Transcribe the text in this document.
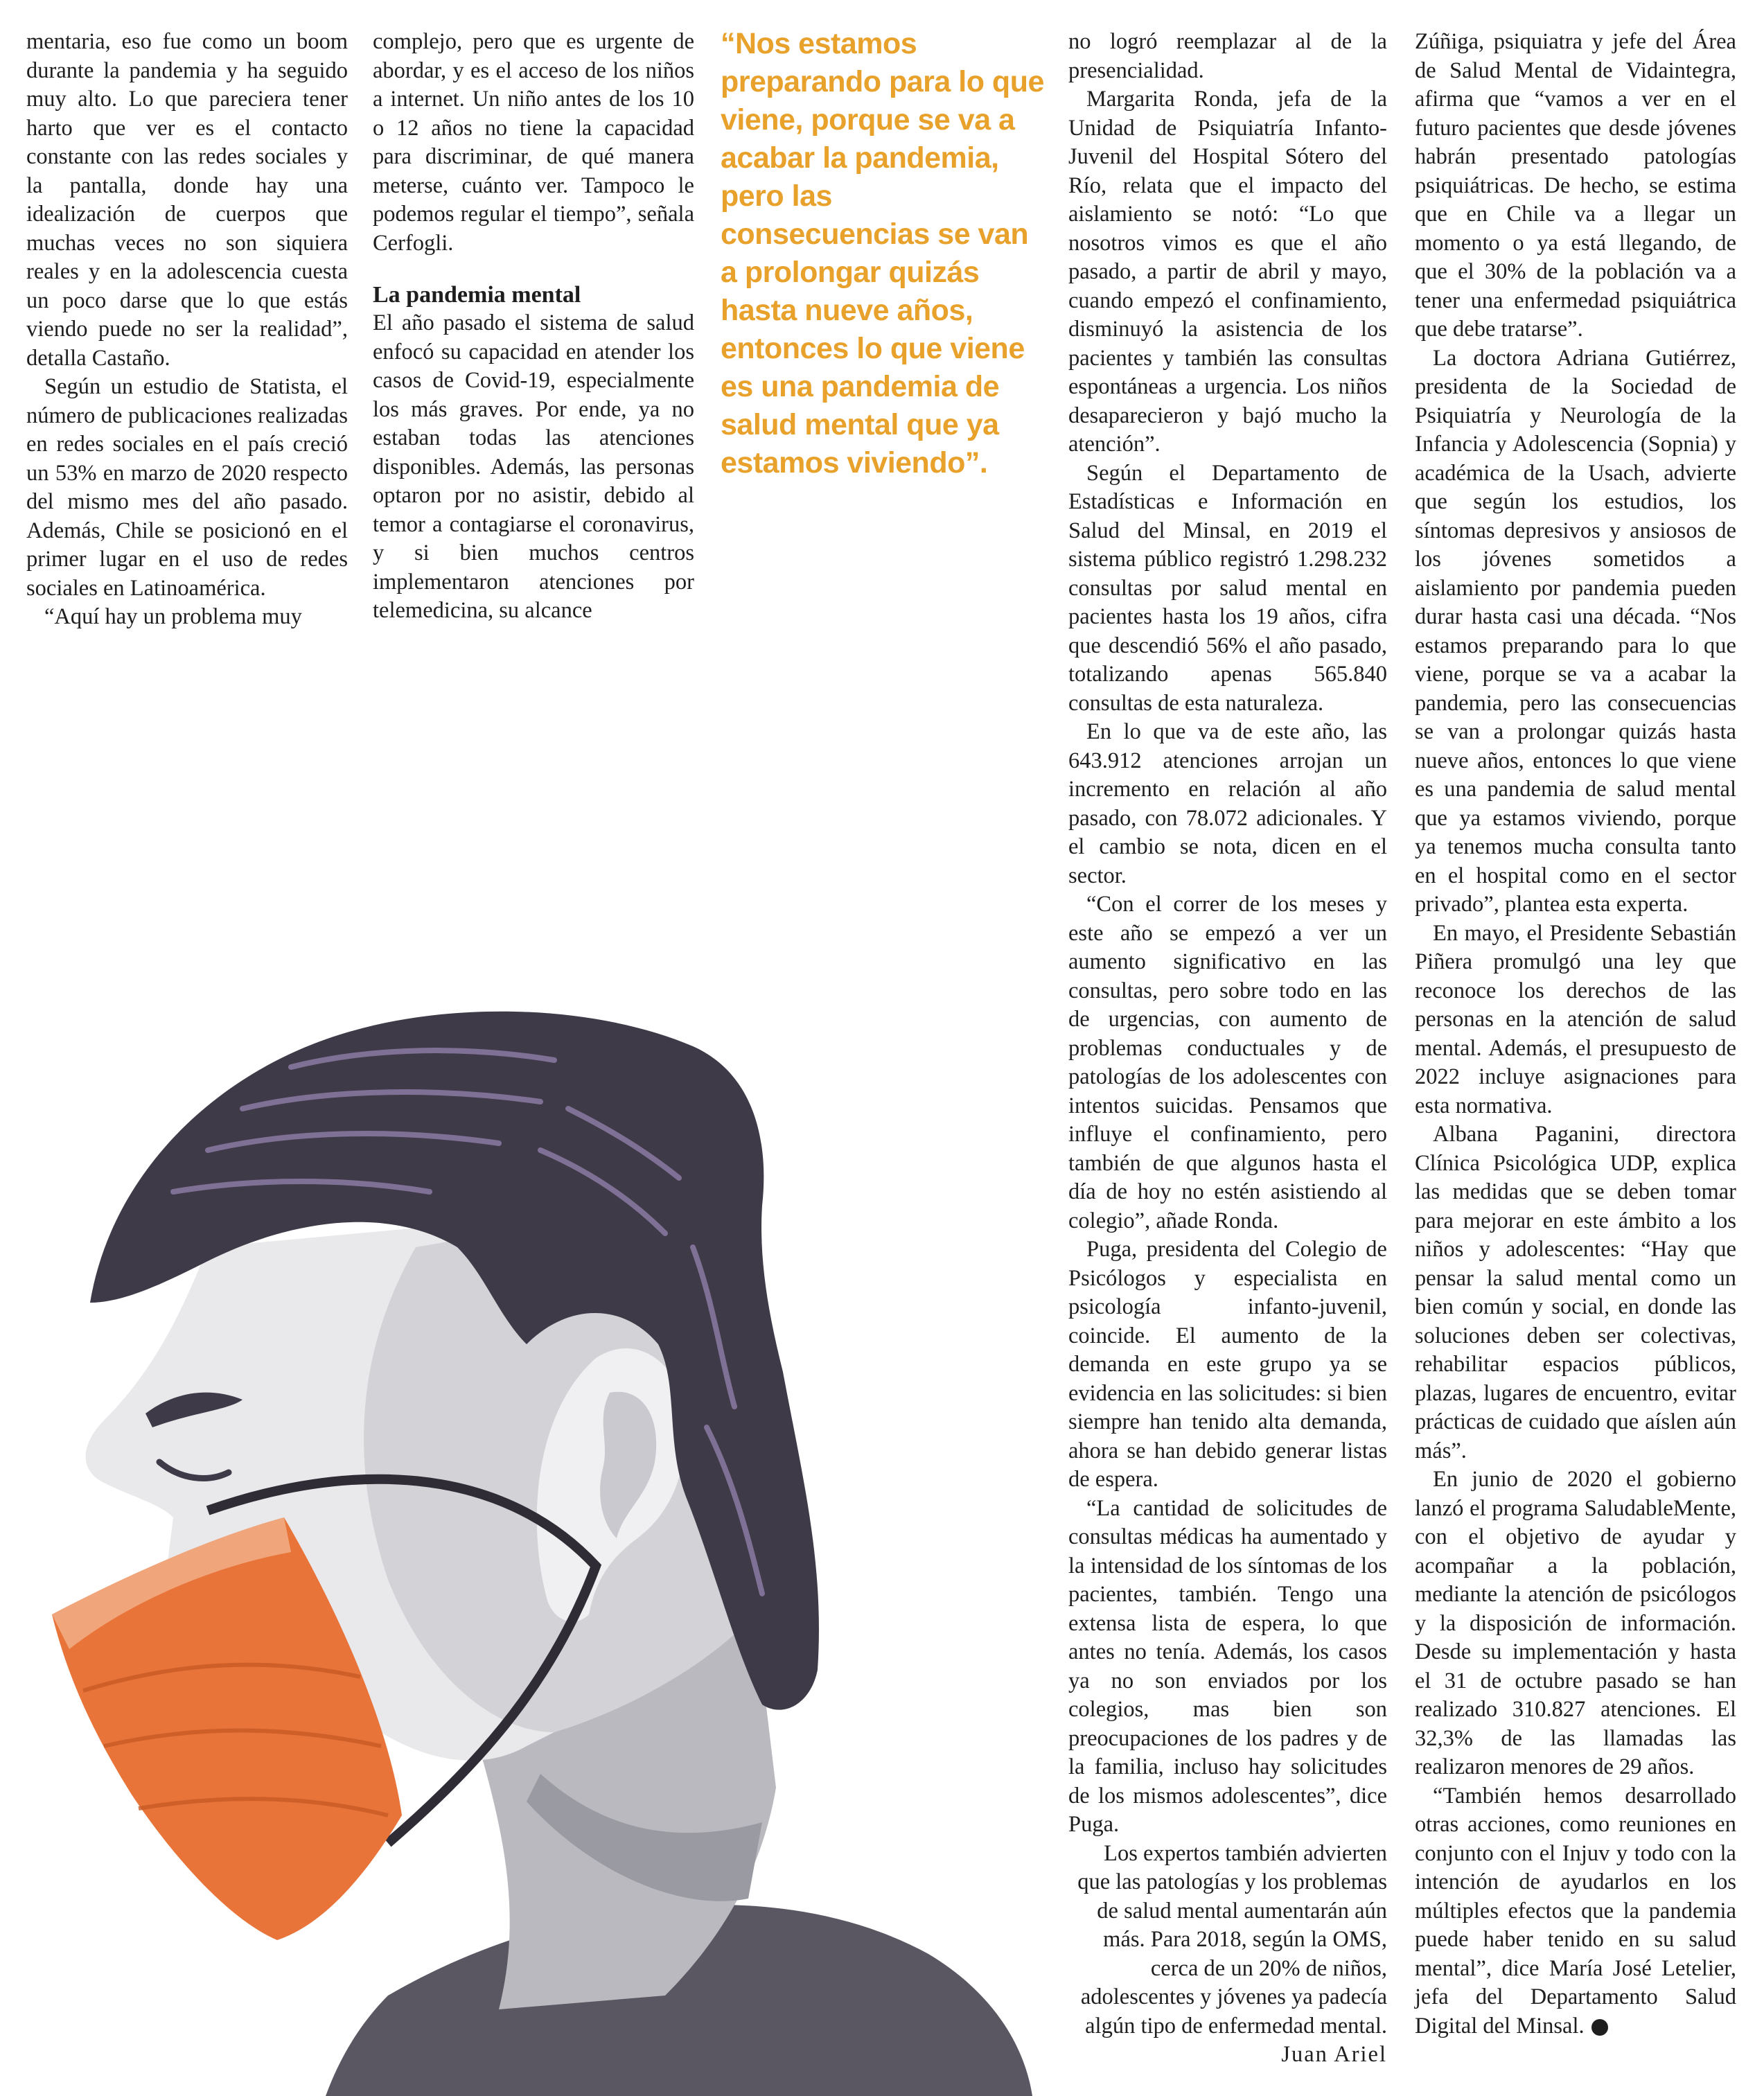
mentaria, eso fue como un boom durante la pandemia y ha seguido muy alto. Lo que pareciera tener harto que ver es el contacto constante con las redes sociales y la pantalla, donde hay una idealización de cuerpos que muchas veces no son siquiera reales y en la adolescencia cuesta un poco darse que lo que estás viendo puede no ser la realidad”, detalla Castaño.

Según un estudio de Statista, el número de publicaciones realizadas en redes sociales en el país creció un 53% en marzo de 2020 respecto del mismo mes del año pasado. Además, Chile se posicionó en el primer lugar en el uso de redes sociales en Latinoamérica.

“Aquí hay un problema muy

complejo, pero que es urgente de abordar, y es el acceso de los niños a internet. Un niño antes de los 10 o 12 años no tiene la capacidad para discriminar, de qué manera meterse, cuánto ver. Tampoco le podemos regular el tiempo”, señala Cerfogli.

La pandemia mental

El año pasado el sistema de salud enfocó su capacidad en atender los casos de Covid-19, especialmente los más graves. Por ende, ya no estaban todas las atenciones disponibles. Además, las personas optaron por no asistir, debido al temor a contagiarse el coronavirus, y si bien muchos centros implementaron atenciones por telemedicina, su alcance

“Nos estamos preparando para lo que viene, porque se va a acabar la pandemia, pero las consecuencias se van a prolongar quizás hasta nueve años, entonces lo que viene es una pandemia de salud mental que ya estamos viviendo”.

no logró reemplazar al de la presencialidad.

Margarita Ronda, jefa de la Unidad de Psiquiatría Infanto-Juvenil del Hospital Sótero del Río, relata que el impacto del aislamiento se notó: “Lo que nosotros vimos es que el año pasado, a partir de abril y mayo, cuando empezó el confinamiento, disminuyó la asistencia de los pacientes y también las consultas espontáneas a urgencia. Los niños desaparecieron y bajó mucho la atención”.

Según el Departamento de Estadísticas e Información en Salud del Minsal, en 2019 el sistema público registró 1.298.232 consultas por salud mental en pacientes hasta los 19 años, cifra que descendió 56% el año pasado, totalizando apenas 565.840 consultas de esta naturaleza.

En lo que va de este año, las 643.912 atenciones arrojan un incremento en relación al año pasado, con 78.072 adicionales. Y el cambio se nota, dicen en el sector.

“Con el correr de los meses y este año se empezó a ver un aumento significativo en las consultas, pero sobre todo en las de urgencias, con aumento de problemas conductuales y de patologías de los adolescentes con intentos suicidas. Pensamos que influye el confinamiento, pero también de que algunos hasta el día de hoy no estén asistiendo al colegio”, añade Ronda.

Puga, presidenta del Colegio de Psicólogos y especialista en psicología infanto-juvenil, coincide. El aumento de la demanda en este grupo ya se evidencia en las solicitudes: si bien siempre han tenido alta demanda, ahora se han debido generar listas de espera.

“La cantidad de solicitudes de consultas médicas ha aumentado y la intensidad de los síntomas de los pacientes, también. Tengo una extensa lista de espera, lo que antes no tenía. Además, los casos ya no son enviados por los colegios, mas bien son preocupaciones de los padres y de la familia, incluso hay solicitudes de los mismos adolescentes”, dice Puga.

Los expertos también advierten que las patologías y los problemas de salud mental aumentarán aún más. Para 2018, según la OMS, cerca de un 20% de niños, adolescentes y jóvenes ya padecía algún tipo de enfermedad mental.

Juan Ariel

Zúñiga, psiquiatra y jefe del Área de Salud Mental de Vidaintegra, afirma que “vamos a ver en el futuro pacientes que desde jóvenes habrán presentado patologías psiquiátricas. De hecho, se estima que en Chile va a llegar un momento o ya está llegando, de que el 30% de la población va a tener una enfermedad psiquiátrica que debe tratarse”.

La doctora Adriana Gutiérrez, presidenta de la Sociedad de Psiquiatría y Neurología de la Infancia y Adolescencia (Sopnia) y académica de la Usach, advierte que según los estudios, los síntomas depresivos y ansiosos de los jóvenes sometidos a aislamiento por pandemia pueden durar hasta casi una década. “Nos estamos preparando para lo que viene, porque se va a acabar la pandemia, pero las consecuencias se van a prolongar quizás hasta nueve años, entonces lo que viene es una pandemia de salud mental que ya estamos viviendo, porque ya tenemos mucha consulta tanto en el hospital como en el sector privado”, plantea esta experta.

En mayo, el Presidente Sebastián Piñera promulgó una ley que reconoce los derechos de las personas en la atención de salud mental. Además, el presupuesto de 2022 incluye asignaciones para esta normativa.

Albana Paganini, directora Clínica Psicológica UDP, explica las medidas que se deben tomar para mejorar en este ámbito a los niños y adolescentes: “Hay que pensar la salud mental como un bien común y social, en donde las soluciones deben ser colectivas, rehabilitar espacios públicos, plazas, lugares de encuentro, evitar prácticas de cuidado que aíslen aún más”.

En junio de 2020 el gobierno lanzó el programa SaludableMente, con el objetivo de ayudar y acompañar a la población, mediante la atención de psicólogos y la disposición de información. Desde su implementación y hasta el 31 de octubre pasado se han realizado 310.827 atenciones. El 32,3% de las llamadas las realizaron menores de 29 años.

“También hemos desarrollado otras acciones, como reuniones en conjunto con el Injuv y todo con la intención de ayudarlos en los múltiples efectos que la pandemia puede haber tenido en su salud mental”, dice María José Letelier, jefa del Departamento Salud Digital del Minsal.
